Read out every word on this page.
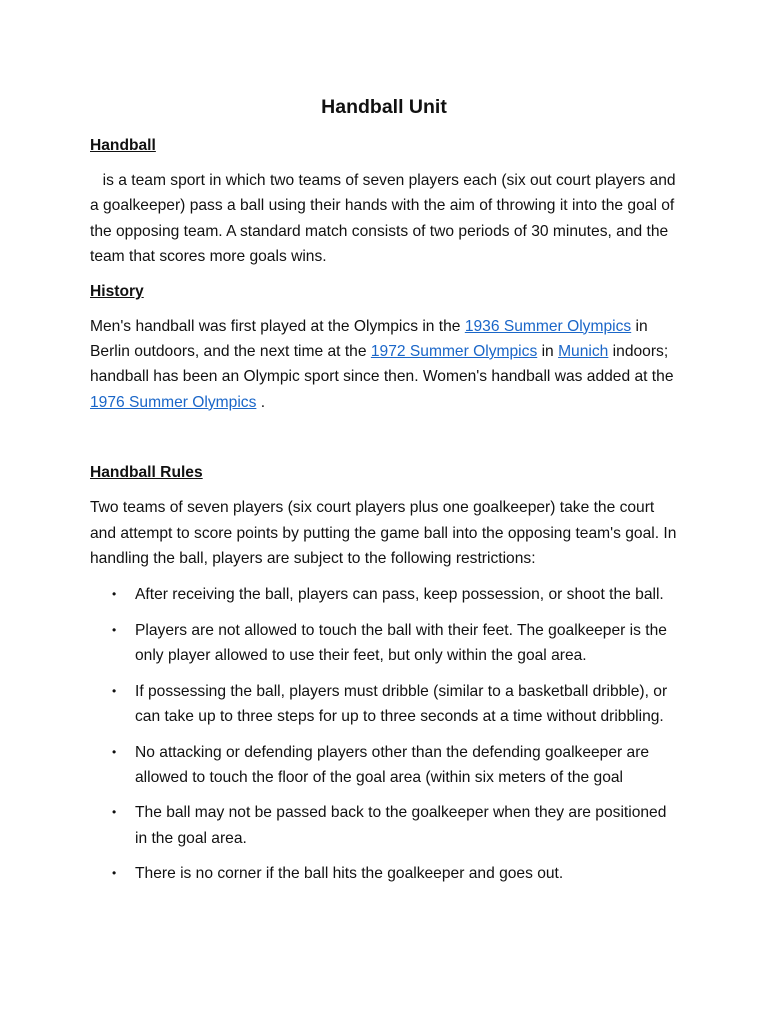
Handball Unit
Handball

is a team sport in which two teams of seven players each (six out court players and a goalkeeper) pass a ball using their hands with the aim of throwing it into the goal of the opposing team. A standard match consists of two periods of 30 minutes, and the team that scores more goals wins.

History

Men's handball was first played at the Olympics in the 1936 Summer Olympics in Berlin outdoors, and the next time at the 1972 Summer Olympics in Munich indoors; handball has been an Olympic sport since then. Women's handball was added at the 1976 Summer Olympics .

Handball Rules

Two teams of seven players (six court players plus one goalkeeper) take the court and attempt to score points by putting the game ball into the opposing team's goal. In handling the ball, players are subject to the following restrictions:

• After receiving the ball, players can pass, keep possession, or shoot the ball.
• Players are not allowed to touch the ball with their feet. The goalkeeper is the only player allowed to use their feet, but only within the goal area.
• If possessing the ball, players must dribble (similar to a basketball dribble), or can take up to three steps for up to three seconds at a time without dribbling.
• No attacking or defending players other than the defending goalkeeper are allowed to touch the floor of the goal area (within six meters of the goal
• The ball may not be passed back to the goalkeeper when they are positioned in the goal area.
• There is no corner if the ball hits the goalkeeper and goes out.
